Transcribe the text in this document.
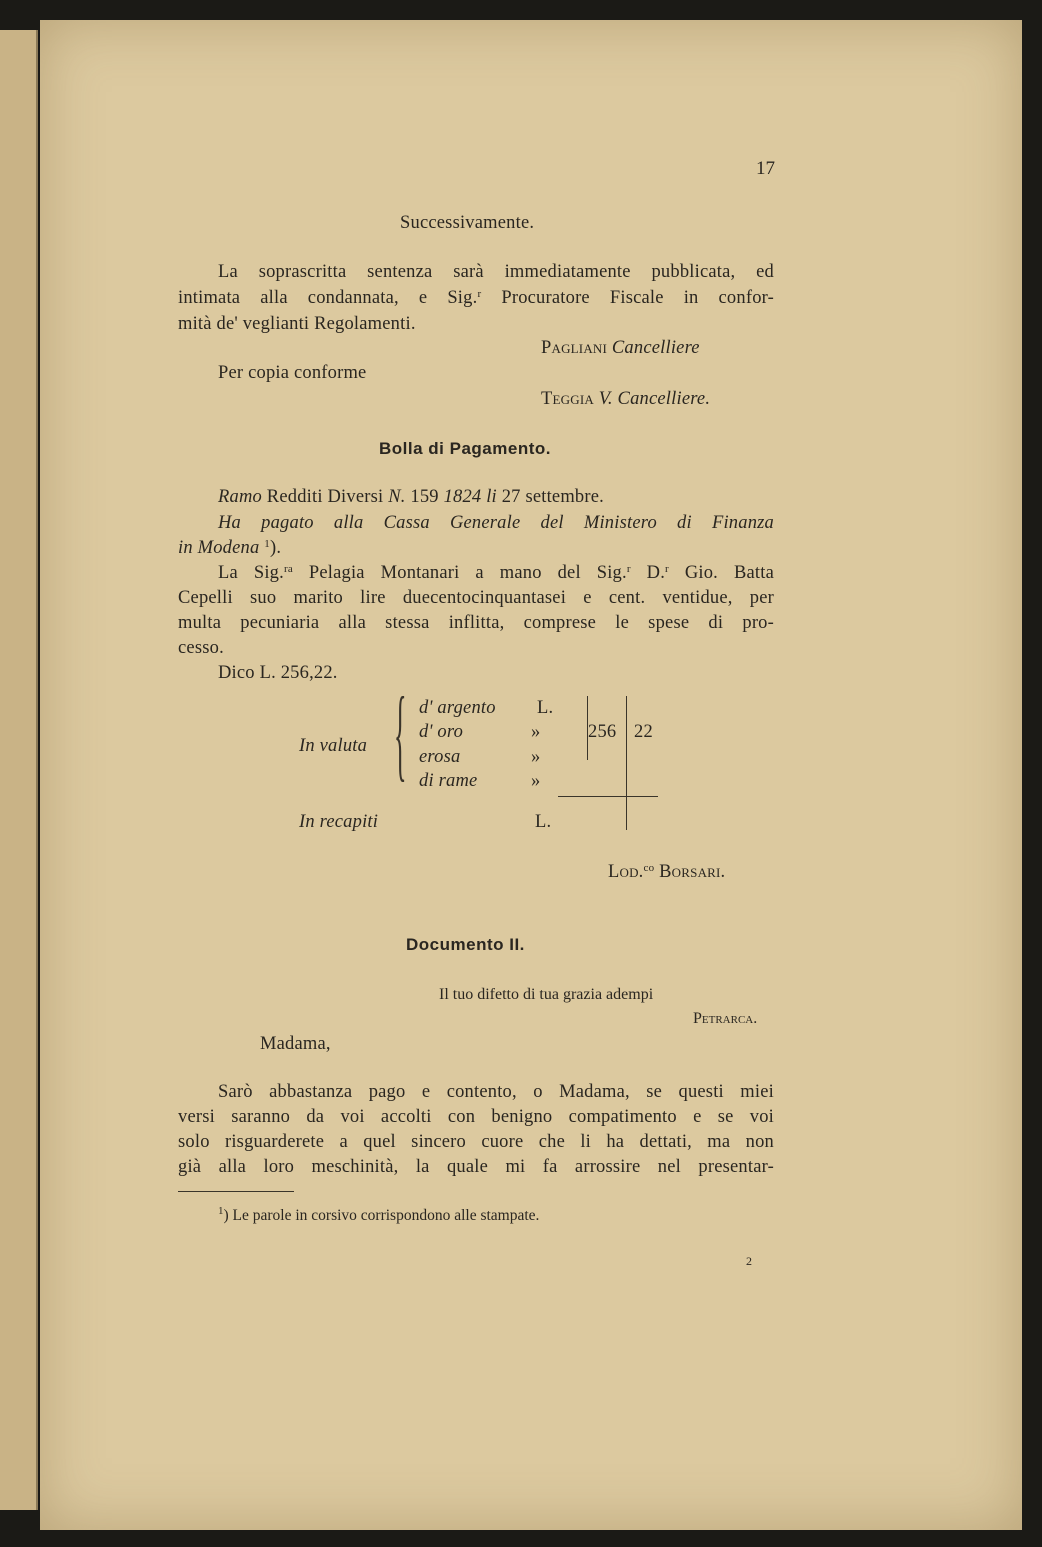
17
Successivamente.
La soprascritta sentenza sarà immediatamente pubblicata, ed
intimata alla condannata, e Sig.$^r$ Procuratore Fiscale in confor-
mità de' veglianti Regolamenti.
Pagliani Cancelliere
Per copia conforme
Teggia V. Cancelliere.
Bolla di Pagamento.
Ramo Redditi Diversi N. 159 1824 li 27 settembre.
Ha pagato alla Cassa Generale del Ministero di Finanza
in Modena $^1$).
La Sig.$^{ra}$ Pelagia Montanari a mano del Sig.$^r$ D.$^r$ Gio. Batta
Cepelli suo marito lire duecentocinquantasei e cent. ventidue, per
multa pecuniaria alla stessa inflitta, comprese le spese di pro-
cesso.
Dico L. 256,22.
In valuta { d' argento L.
d' oro	»	256 22
erosa	»
di rame	»
In recapiti	L.
Lod.$^{co}$ Borsari.
Documento II.
Il tuo difetto di tua grazia adempi
Petrarca.
Madama,
Sarò abbastanza pago e contento, o Madama, se questi miei
versi saranno da voi accolti con benigno compatimento e se voi
solo risguarderete a quel sincero cuore che li ha dettati, ma non
già alla loro meschinità, la quale mi fa arrossire nel presentar-
$^1$) Le parole in corsivo corrispondono alle stampate.
2
